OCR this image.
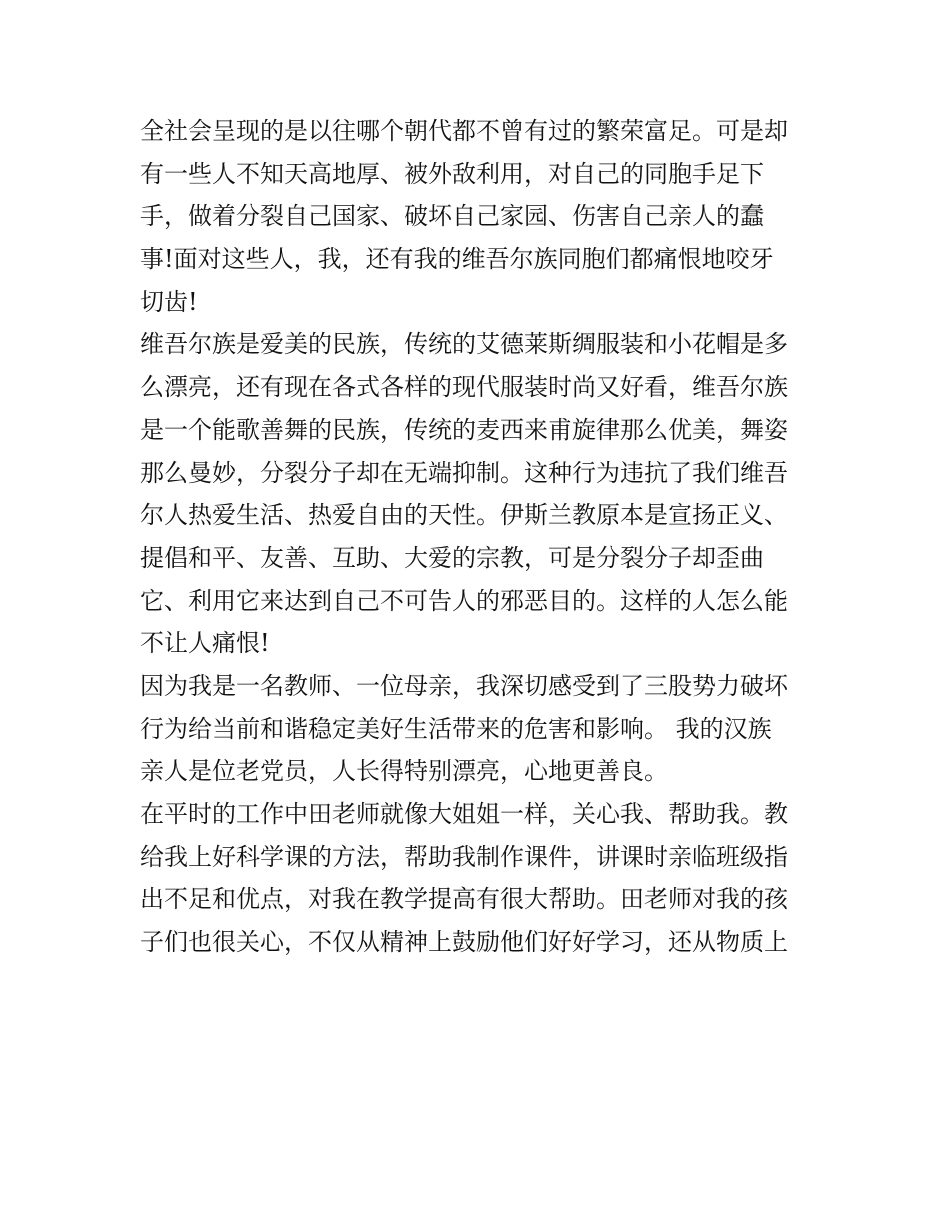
全社会呈现的是以往哪个朝代都不曾有过的繁荣富足。可是却
有一些人不知天高地厚、被外敌利用，对自己的同胞手足下
手，做着分裂自己国家、破坏自己家园、伤害自己亲人的蠢
事!面对这些人，我，还有我的维吾尔族同胞们都痛恨地咬牙
切齿!
维吾尔族是爱美的民族，传统的艾德莱斯绸服装和小花帽是多
么漂亮，还有现在各式各样的现代服装时尚又好看，维吾尔族
是一个能歌善舞的民族，传统的麦西来甫旋律那么优美，舞姿
那么曼妙，分裂分子却在无端抑制。这种行为违抗了我们维吾
尔人热爱生活、热爱自由的天性。伊斯兰教原本是宣扬正义、
提倡和平、友善、互助、大爱的宗教，可是分裂分子却歪曲
它、利用它来达到自己不可告人的邪恶目的。这样的人怎么能
不让人痛恨!
因为我是一名教师、一位母亲，我深切感受到了三股势力破坏
行为给当前和谐稳定美好生活带来的危害和影响。 我的汉族
亲人是位老党员，人长得特别漂亮，心地更善良。
在平时的工作中田老师就像大姐姐一样，关心我、帮助我。教
给我上好科学课的方法，帮助我制作课件，讲课时亲临班级指
出不足和优点，对我在教学提高有很大帮助。田老师对我的孩
子们也很关心，不仅从精神上鼓励他们好好学习，还从物质上
